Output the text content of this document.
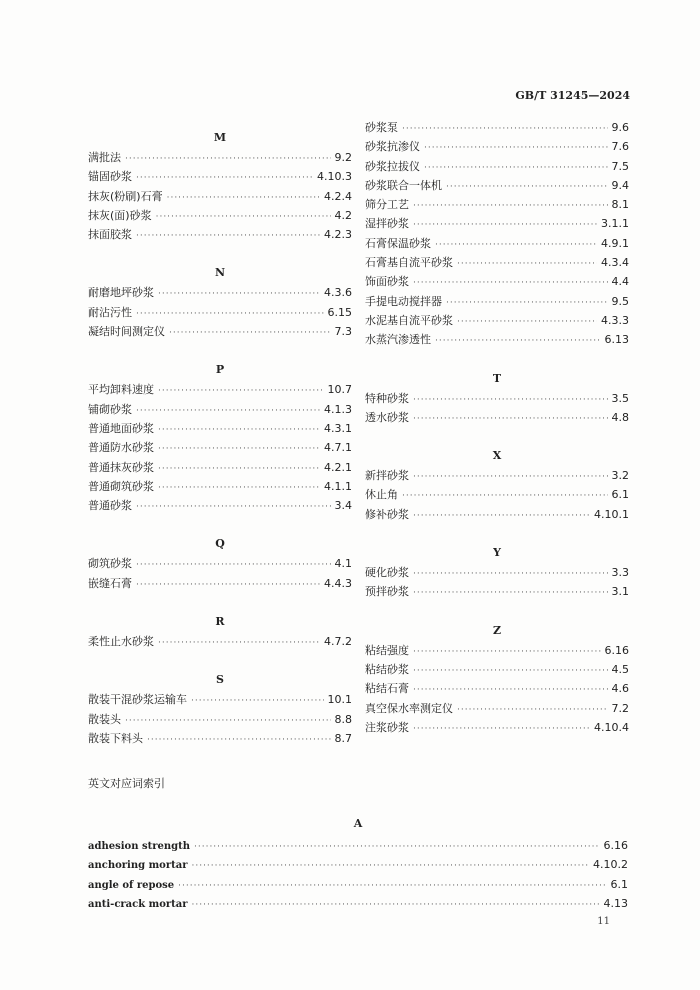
GB/T 31245—2024
M
满批法 ·····	9.2
锚固砂浆 ·····	4.10.3
抹灰(粉刷)石膏 ·····	4.2.4
抹灰(面)砂浆 ·····	4.2
抹面胶浆 ·····	4.2.3
N
耐磨地坪砂浆 ·····	4.3.6
耐沾污性 ·····	6.15
凝结时间测定仪 ·····	7.3
P
平均卸料速度 ·····	10.7
铺砌砂浆 ·····	4.1.3
普通地面砂浆 ·····	4.3.1
普通防水砂浆 ·····	4.7.1
普通抹灰砂浆 ·····	4.2.1
普通砌筑砂浆 ·····	4.1.1
普通砂浆 ·····	3.4
Q
砌筑砂浆 ·····	4.1
嵌缝石膏 ·····	4.4.3
R
柔性止水砂浆 ·····	4.7.2
S
散装干混砂浆运输车 ·····	10.1
散装头 ·····	8.8
散装下料头 ·····	8.7
砂浆泵 ·····	9.6
砂浆抗渗仪 ·····	7.6
砂浆拉拔仪 ·····	7.5
砂浆联合一体机 ·····	9.4
筛分工艺 ·····	8.1
湿拌砂浆 ·····	3.1.1
石膏保温砂浆 ·····	4.9.1
石膏基自流平砂浆 ·····	4.3.4
饰面砂浆 ·····	4.4
手提电动搅拌器 ·····	9.5
水泥基自流平砂浆 ·····	4.3.3
水蒸汽渗透性 ·····	6.13
T
特种砂浆 ·····	3.5
透水砂浆 ·····	4.8
X
新拌砂浆 ·····	3.2
休止角 ·····	6.1
修补砂浆 ·····	4.10.1
Y
硬化砂浆 ·····	3.3
预拌砂浆 ·····	3.1
Z
粘结强度 ·····	6.16
粘结砂浆 ·····	4.5
粘结石膏 ·····	4.6
真空保水率测定仪 ·····	7.2
注浆砂浆 ·····	4.10.4
英文对应词索引
A
adhesion strength ·····	6.16
anchoring mortar ·····	4.10.2
angle of repose ·····	6.1
anti-crack mortar ·····	4.13
11
